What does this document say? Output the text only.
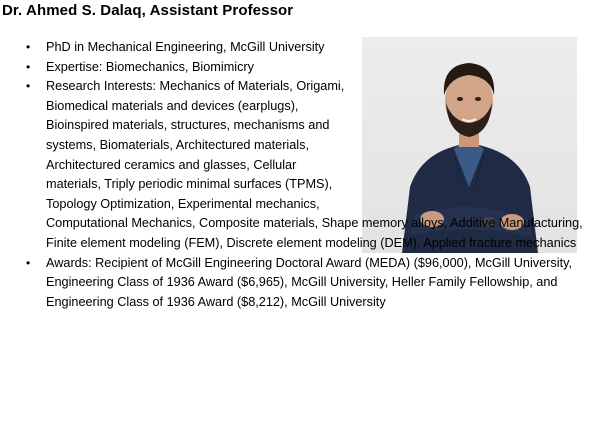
Dr. Ahmed S. Dalaq, Assistant Professor
• PhD in Mechanical Engineering, McGill University
• Expertise: Biomechanics, Biomimicry
• Research Interests: Mechanics of Materials, Origami, Biomedical materials and devices (earplugs), Bioinspired materials, structures, mechanisms and systems, Biomaterials, Architectured materials, Architectured ceramics and glasses, Cellular materials, Triply periodic minimal surfaces (TPMS), Topology Optimization, Experimental mechanics,
Computational Mechanics, Composite materials, Shape memory alloys, Additive Manufacturing, Finite element modeling (FEM), Discrete element modeling (DEM), Applied fracture mechanics
• Awards: Recipient of McGill Engineering Doctoral Award (MEDA) ($96,000), McGill University, Engineering Class of 1936 Award ($6,965), McGill University, Heller Family Fellowship, and Engineering Class of 1936 Award ($8,212), McGill University
